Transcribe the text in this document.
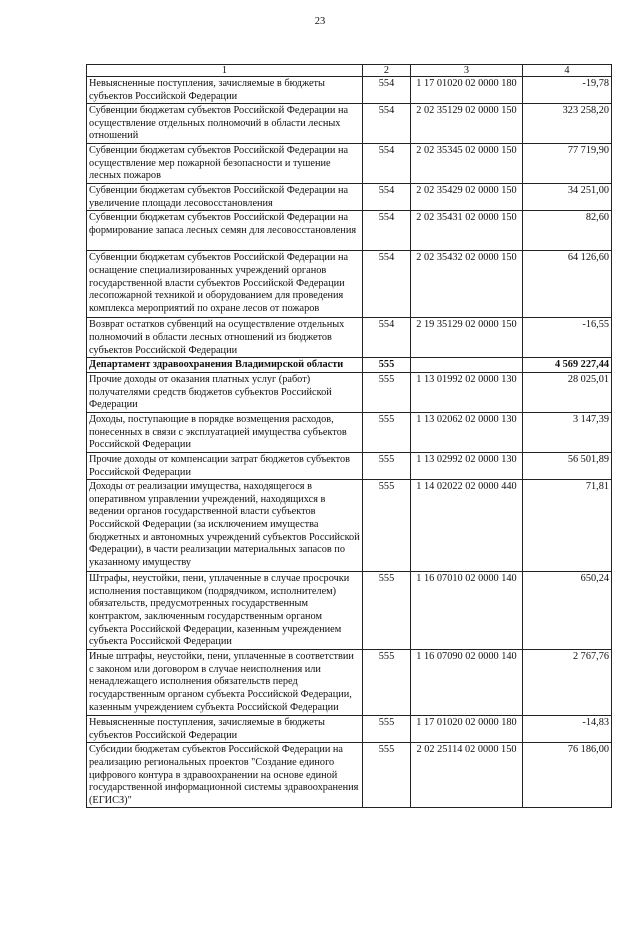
23
1	2	3	4
Невыясненные поступления, зачисляемые в бюджеты субъектов Российской Федерации	554	1 17 01020 02 0000 180	-19,78
Субвенции бюджетам субъектов Российской Федерации на осуществление отдельных полномочий в области лесных отношений	554	2 02 35129 02 0000 150	323 258,20
Субвенции бюджетам субъектов Российской Федерации на осуществление мер пожарной безопасности и тушение лесных пожаров	554	2 02 35345 02 0000 150	77 719,90
Субвенции бюджетам субъектов Российской Федерации на увеличение площади лесовосстановления	554	2 02 35429 02 0000 150	34 251,00
Субвенции бюджетам субъектов Российской Федерации на формирование запаса лесных семян для лесовосстановления	554	2 02 35431 02 0000 150	82,60
Субвенции бюджетам субъектов Российской Федерации на оснащение специализированных учреждений органов государственной власти субъектов Российской Федерации лесопожарной техникой и оборудованием для проведения комплекса мероприятий по охране лесов от пожаров	554	2 02 35432 02 0000 150	64 126,60
Возврат остатков субвенций на осуществление отдельных полномочий в области лесных отношений из бюджетов субъектов Российской Федерации	554	2 19 35129 02 0000 150	-16,55
Департамент здравоохранения Владимирской области	555		4 569 227,44
Прочие доходы от оказания платных услуг (работ) получателями средств бюджетов субъектов Российской Федерации	555	1 13 01992 02 0000 130	28 025,01
Доходы, поступающие в порядке возмещения расходов, понесенных в связи с эксплуатацией имущества субъектов Российской Федерации	555	1 13 02062 02 0000 130	3 147,39
Прочие доходы от компенсации затрат бюджетов субъектов Российской Федерации	555	1 13 02992 02 0000 130	56 501,89
Доходы от реализации имущества, находящегося в оперативном управлении учреждений, находящихся в ведении органов государственной власти субъектов Российской Федерации (за исключением имущества бюджетных и автономных учреждений субъектов Российской Федерации), в части реализации материальных запасов по указанному имуществу	555	1 14 02022 02 0000 440	71,81
Штрафы, неустойки, пени, уплаченные в случае просрочки исполнения поставщиком (подрядчиком, исполнителем) обязательств, предусмотренных государственным контрактом, заключенным государственным органом субъекта Российской Федерации, казенным учреждением субъекта Российской Федерации	555	1 16 07010 02 0000 140	650,24
Иные штрафы, неустойки, пени, уплаченные в соответствии с законом или договором в случае неисполнения или ненадлежащего исполнения обязательств перед государственным органом субъекта Российской Федерации, казенным учреждением субъекта Российской Федерации	555	1 16 07090 02 0000 140	2 767,76
Невыясненные поступления, зачисляемые в бюджеты субъектов Российской Федерации	555	1 17 01020 02 0000 180	-14,83
Субсидии бюджетам субъектов Российской Федерации на реализацию региональных проектов "Создание единого цифрового контура в здравоохранении на основе единой государственной информационной системы здравоохранения (ЕГИСЗ)"	555	2 02 25114 02 0000 150	76 186,00
